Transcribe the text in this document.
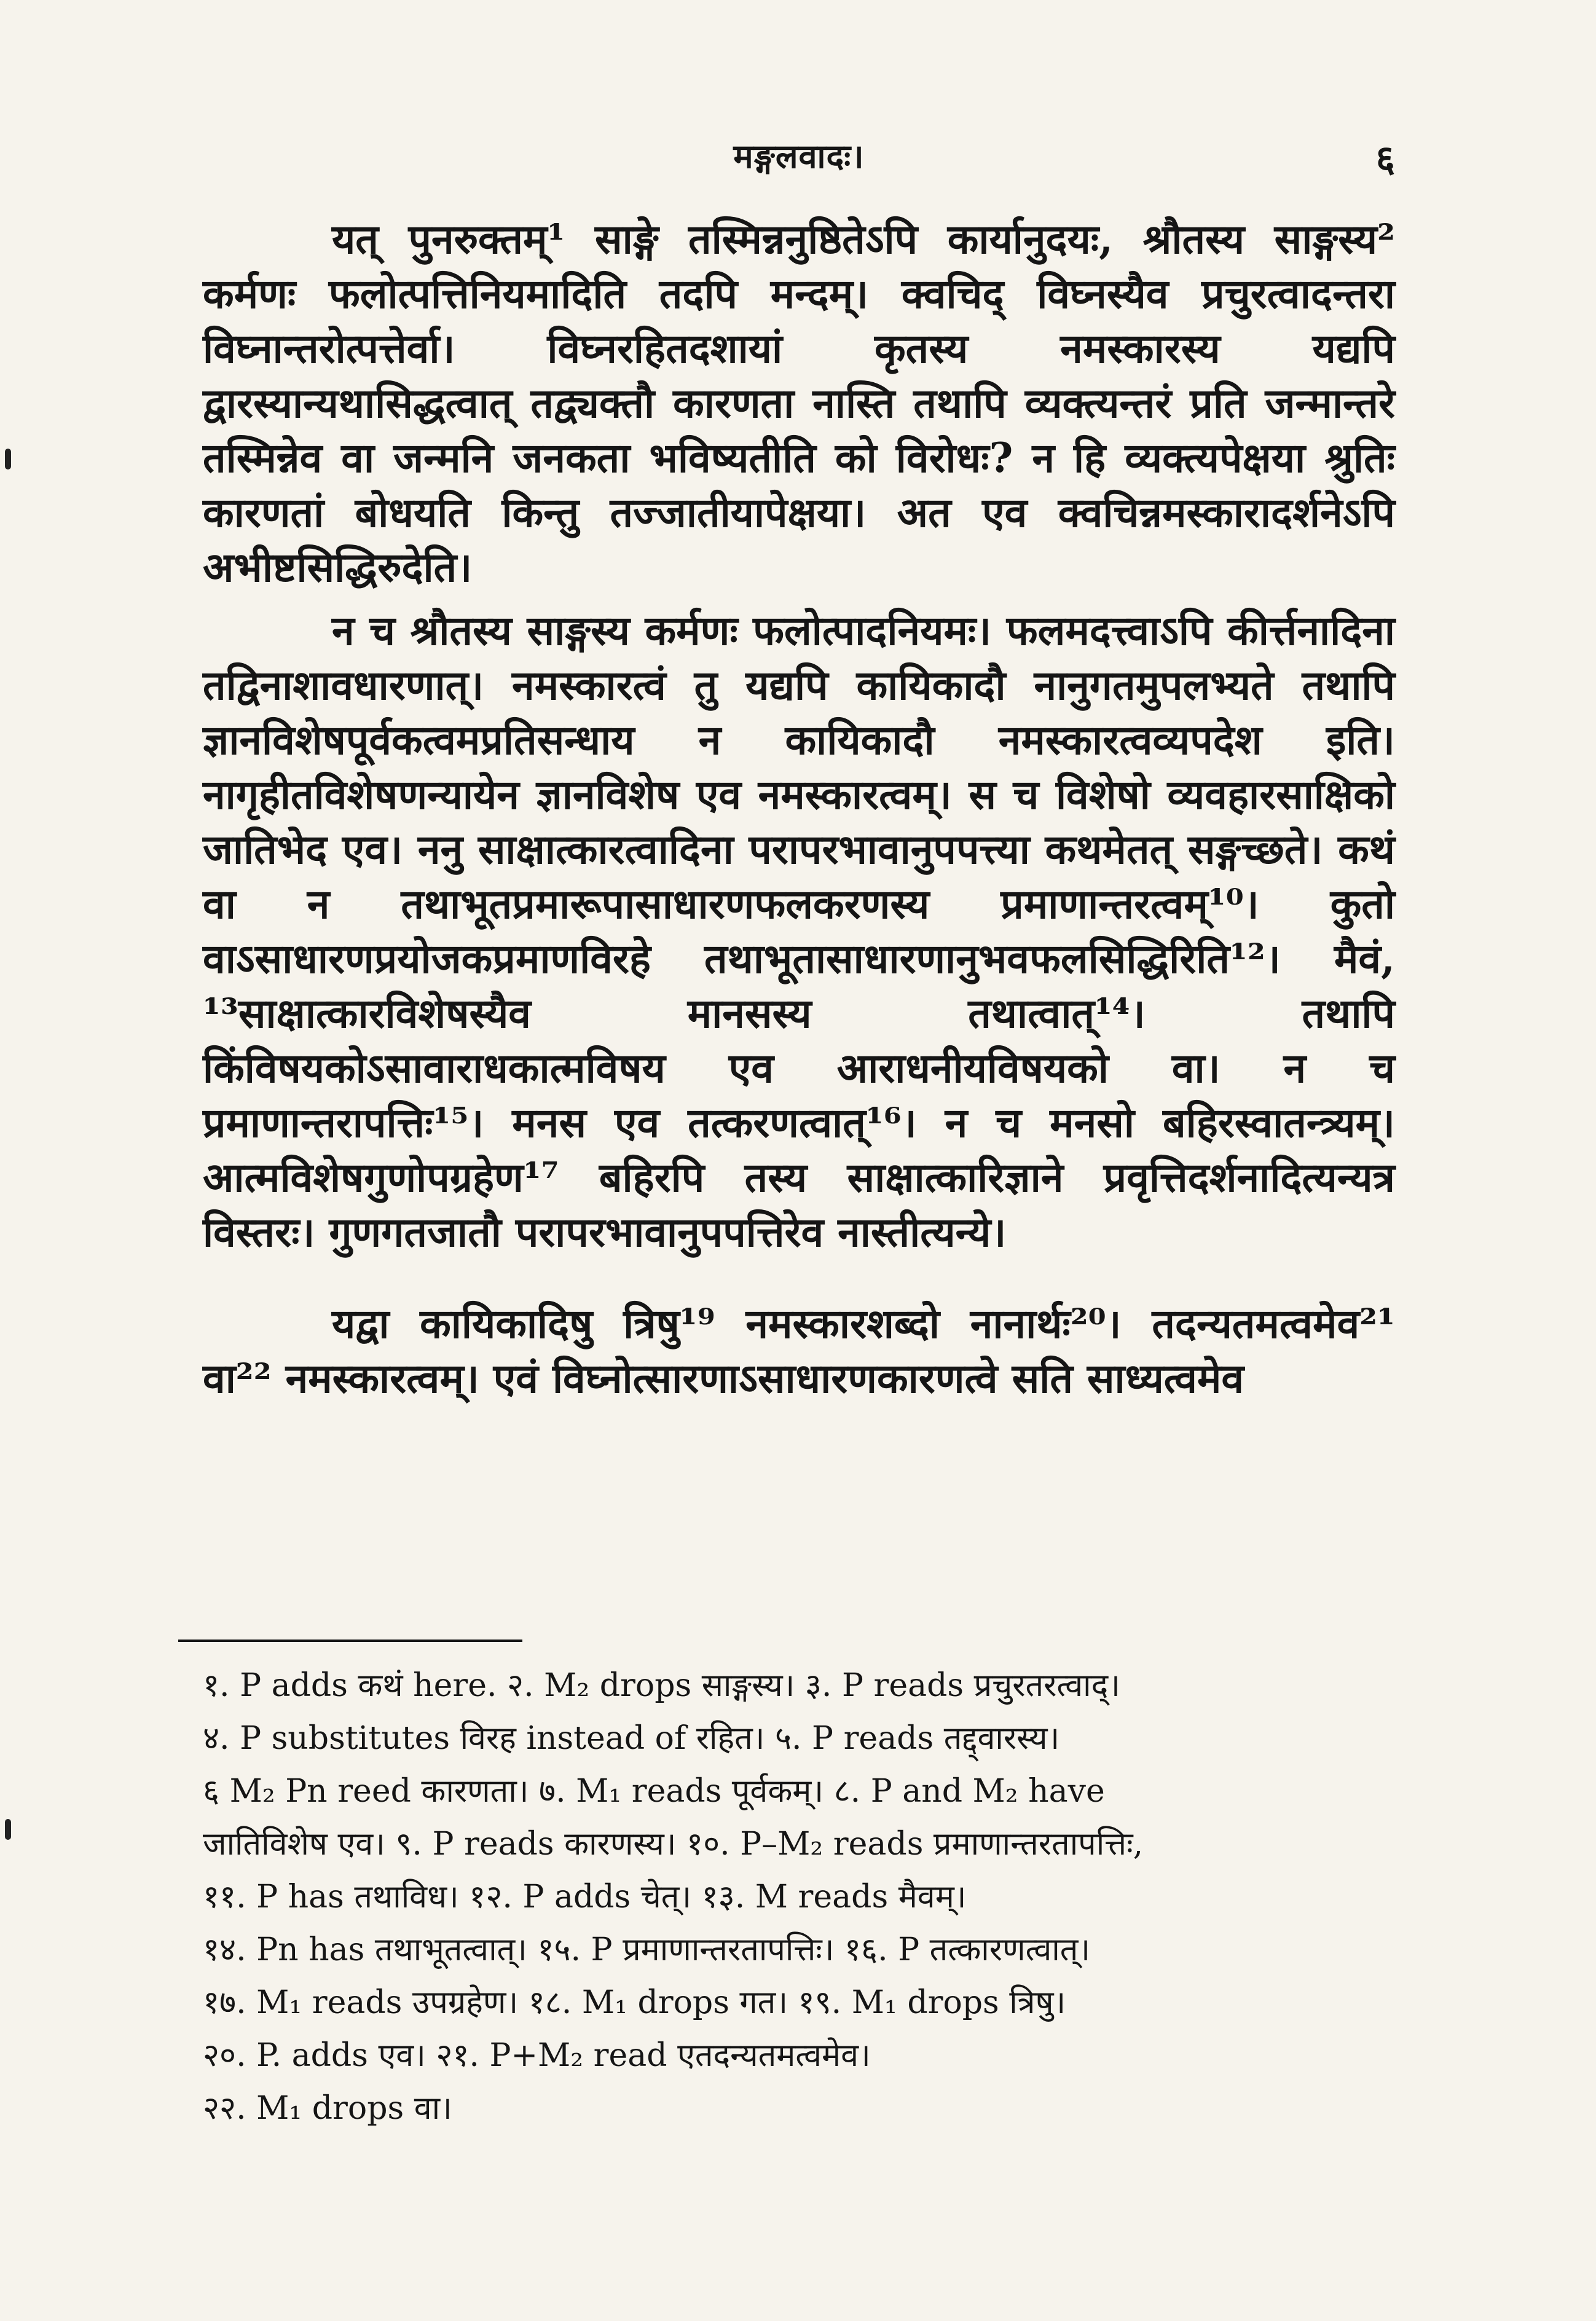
मङ्गलवादः।	६

यत् पुनरुक्तम्¹ साङ्गे तस्मिन्ननुष्ठितेऽपि कार्यानुदयः, श्रौतस्य साङ्गस्य² कर्मणः फलोत्पत्तिनियमादिति तदपि मन्दम्। क्वचिद् विघ्नस्यैव प्रचुरत्वादन्तरा विघ्नान्तरोत्पत्तेर्वा। विघ्नरहितदशायां कृतस्य नमस्कारस्य यद्यपि द्वारस्यान्यथासिद्धत्वात् तद्व्यक्तौ कारणता नास्ति तथापि व्यक्त्यन्तरं प्रति जन्मान्तरे तस्मिन्नेव वा जन्मनि जनकता भविष्यतीति को विरोधः? न हि व्यक्त्यपेक्षया श्रुतिः कारणतां बोधयति किन्तु तज्जातीयापेक्षया। अत एव क्वचिन्नमस्कारादर्शनेऽपि अभीष्टसिद्धिरुदेति।

न च श्रौतस्य साङ्गस्य कर्मणः फलोत्पादनियमः। फलमदत्त्वाऽपि कीर्त्तनादिना तद्विनाशावधारणात्। नमस्कारत्वं तु यद्यपि कायिकादौ नानुगतमुपलभ्यते तथापि ज्ञानविशेषपूर्वकत्वमप्रतिसन्धाय न कायिकादौ नमस्कारत्वव्यपदेश इति। नागृहीतविशेषणन्यायेन ज्ञानविशेष एव नमस्कारत्वम्। स च विशेषो व्यवहारसाक्षिको जातिभेद एव। ननु साक्षात्कारत्वादिना परापरभावानुपपत्त्या कथमेतत् सङ्गच्छते। कथं वा न तथाभूतप्रमारूपासाधारणफलकरणस्य प्रमाणान्तरत्वम्¹⁰। कुतो वाऽसाधारणप्रयोजकप्रमाणविरहे तथाभूतासाधारणानुभवफलसिद्धिरिति¹²। मैवं, ¹³साक्षात्कारविशेषस्यैव मानसस्य तथात्वात्¹⁴। तथापि किंविषयकोऽसावाराधकात्मविषय एव आराधनीयविषयको वा। न च प्रमाणान्तरापत्तिः¹⁵। मनस एव तत्करणत्वात्¹⁶। न च मनसो बहिरस्वातन्त्र्यम्। आत्मविशेषगुणोपग्रहेण¹⁷ बहिरपि तस्य साक्षात्कारिज्ञाने प्रवृत्तिदर्शनादित्यन्यत्र विस्तरः। गुणगतजातौ परापरभावानुपपत्तिरेव नास्तीत्यन्ये।

यद्वा कायिकादिषु त्रिषु¹⁹ नमस्कारशब्दो नानार्थः²⁰। तदन्यतमत्वमेव²¹ वा²² नमस्कारत्वम्। एवं विघ्नोत्सारणाऽसाधारणकारणत्वे सति साध्यत्वमेव

१. P adds कथं here. २. M₂ drops साङ्गस्य। ३. P reads प्रचुरतरत्वाद्।
४. P substitutes विरह instead of रहित। ५. P reads तद्द्वारस्य।
६ M₂ Pn reed कारणता। ७. M₁ reads पूर्वकम्। ८. P and M₂ have
जातिविशेष एव। ९. P reads कारणस्य। १०. P–M₂ reads प्रमाणान्तरतापत्तिः,
११. P has तथाविध। १२. P adds चेत्। १३. M reads मैवम्।
१४. Pn has तथाभूतत्वात्। १५. P प्रमाणान्तरतापत्तिः। १६. P तत्कारणत्वात्।
१७. M₁ reads उपग्रहेण। १८. M₁ drops गत। १९. M₁ drops त्रिषु।
२०. P. adds एव। २१. P+M₂ read एतदन्यतमत्वमेव।
२२. M₁ drops वा।
